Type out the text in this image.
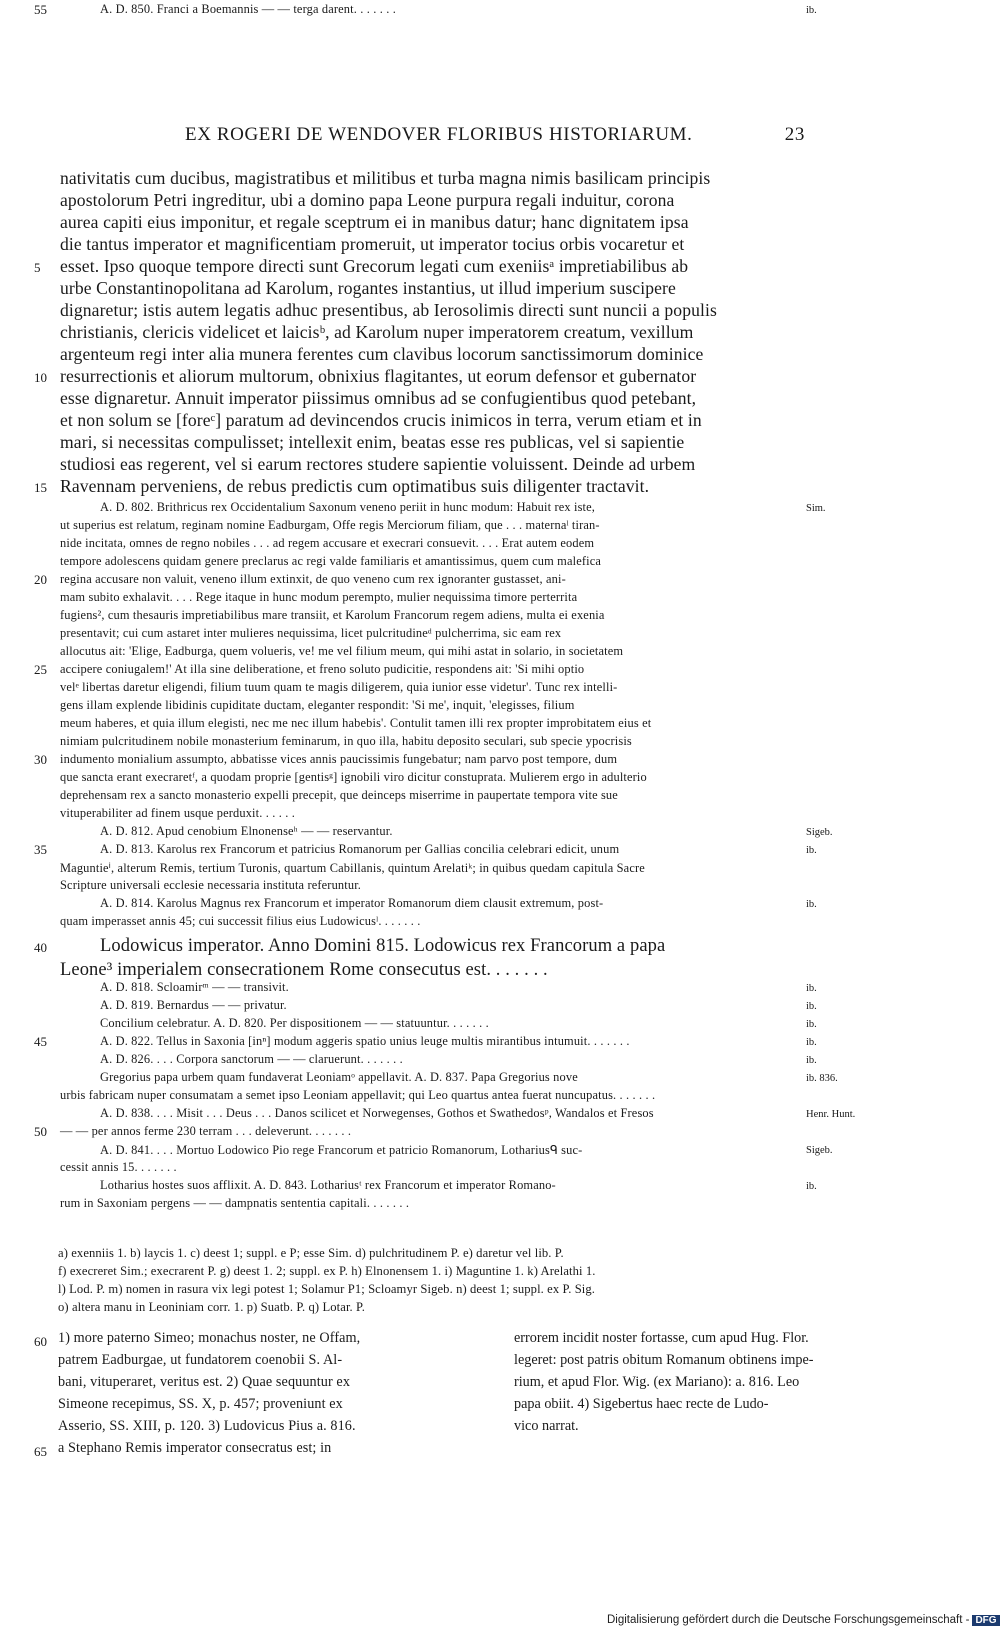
EX ROGERI DE WENDOVER FLORIBUS HISTORIARUM.	23
nativitatis cum ducibus, magistratibus et militibus et turba magna nimis basilicam principis
apostolorum Petri ingreditur, ubi a domino papa Leone purpura regali induitur, corona
aurea capiti eius imponitur, et regale sceptrum ei in manibus datur; hanc dignitatem ipsa
die tantus imperator et magnificentiam promeruit, ut imperator tocius orbis vocaretur et
5	esset. Ipso quoque tempore directi sunt Grecorum legati cum exeniisᵃ impretiabilibus ab
urbe Constantinopolitana ad Karolum, rogantes instantius, ut illud imperium suscipere
dignaretur; istis autem legatis adhuc presentibus, ab Ierosolimis directi sunt nuncii a populis
christianis, clericis videlicet et laicisᵇ, ad Karolum nuper imperatorem creatum, vexillum
argenteum regi inter alia munera ferentes cum clavibus locorum sanctissimorum dominice
10 resurrectionis et aliorum multorum, obnixius flagitantes, ut eorum defensor et gubernator
esse dignaretur. Annuit imperator piissimus omnibus ad se confugientibus quod petebant,
et non solum se [foreᶜ] paratum ad devincendos crucis inimicos in terra, verum etiam et in
mari, si necessitas compulisset; intellexit enim, beatas esse res publicas, vel si sapientie
studiosi eas regerent, vel si earum rectores studere sapientie voluissent. Deinde ad urbem
15 Ravennam perveniens, de rebus predictis cum optimatibus suis diligenter tractavit.
A. D. 802. Brithricus rex Occidentalium Saxonum veneno periit in hunc modum: Habuit rex iste,	Sim.
ut superius est relatum, reginam nomine Eadburgam, Offe regis Merciorum filiam, que . . . maternaˡ tiran-
nide incitata, omnes de regno nobiles . . . ad regem accusare et execrari consuevit. . . . Erat autem eodem
tempore adolescens quidam genere preclarus ac regi valde familiaris et amantissimus, quem cum malefica
20	regina accusare non valuit, veneno illum extinxit, de quo veneno cum rex ignoranter gustasset, ani-
mam subito exhalavit. . . . Rege itaque in hunc modum perempto, mulier nequissima timore perterrita
fugiens², cum thesauris impretiabilibus mare transiit, et Karolum Francorum regem adiens, multa ei exenia
presentavit; cui cum astaret inter mulieres nequissima, licet pulcritudineᵈ pulcherrima, sic eam rex
allocutus ait: 'Elige, Eadburga, quem volueris, ve! me vel filium meum, qui mihi astat in solario, in societatem
25	accipere coniugalem!' At illa sine deliberatione, et freno soluto pudicitie, respondens ait: 'Si mihi optio
velᵉ libertas daretur eligendi, filium tuum quam te magis diligerem, quia iunior esse videtur'. Tunc rex intelli-
gens illam explende libidinis cupiditate ductam, eleganter respondit: 'Si me', inquit, 'elegisses, filium
meum haberes, et quia illum elegisti, nec me nec illum habebis'. Contulit tamen illi rex propter improbitatem eius et
nimiam pulcritudinem nobile monasterium feminarum, in quo illa, habitu deposito seculari, sub specie ypocrisis
30	indumento monialium assumpto, abbatisse vices annis paucissimis fungebatur; nam parvo post tempore, dum
que sancta erant execraretᶠ, a quodam proprie [gentisᵍ] ignobili viro dicitur constuprata. Mulierem ergo in adulterio
deprehensam rex a sancto monasterio expelli precepit, que deinceps miserrime in paupertate tempora vite sue
vituperabiliter ad finem usque perduxit. . . . . .
A. D. 812. Apud cenobium Elnonenseʰ — — reservantur.	Sigeb.
35	A. D. 813. Karolus rex Francorum et patricius Romanorum per Gallias concilia celebrari edicit, unum	ib.
Maguntieⁱ, alterum Remis, tertium Turonis, quartum Cabillanis, quintum Arelatiᵏ; in quibus quedam capitula Sacre
Scripture universali ecclesie necessaria instituta referuntur.
A. D. 814. Karolus Magnus rex Francorum et imperator Romanorum diem clausit extremum, post-	ib.
quam imperasset annis 45; cui successit filius eius Ludowicusˡ. . . . . . .
40	Lodowicus imperator. Anno Domini 815. Lodowicus rex Francorum a papa
Leone³ imperialem consecrationem Rome consecutus est. . . . . . .
A. D. 818. Scloamirᵐ — — transivit.	ib.
A. D. 819. Bernardus — — privatur.	ib.
Concilium celebratur. A. D. 820. Per dispositionem — — statuuntur. . . . . . .	ib.
45	A. D. 822. Tellus in Saxonia [inⁿ] modum aggeris spatio unius leuge multis mirantibus intumuit. . . . . . .	ib.
A. D. 826. . . . Corpora sanctorum — — claruerunt. . . . . . .	ib.
Gregorius papa urbem quam fundaverat Leoniamᵒ appellavit. A. D. 837. Papa Gregorius nove	ib. 836.
urbis fabricam nuper consumatam a semet ipso Leoniam appellavit; qui Leo quartus antea fuerat nuncupatus. . . . . . .
A. D. 838. . . . Misit . . . Deus . . . Danos scilicet et Norwegenses, Gothos et Swathedosᵖ, Wandalos et Fresos	Henr. Hunt.
50	— — per annos ferme 230 terram . . . deleverunt. . . . . . .
A. D. 841. . . . Mortuo Lodowico Pio rege Francorum et patricio Romanorum, Lothariusᑫ suc-	Sigeb.
cessit annis 15. . . . . . .
Lotharius hostes suos afflixit. A. D. 843. Lothariusᵗ rex Francorum et imperator Romano-	ib.
rum in Saxoniam pergens — — dampnatis sententia capitali. . . . . . .
55	A. D. 850. Franci a Boemannis — — terga darent. . . . . . .	ib.
a) exenniis 1. b) laycis 1. c) deest 1; suppl. e P; esse Sim. d) pulchritudinem P. e) daretur vel lib. P.
f) execreret Sim.; execrarent P. g) deest 1. 2; suppl. ex P. h) Elnonensem 1. i) Maguntine 1. k) Arelathi 1.
l) Lod. P. m) nomen in rasura vix legi potest 1; Solamur P1; Scloamyr Sigeb. n) deest 1; suppl. ex P. Sig.
o) altera manu in Leoniniam corr. 1. p) Suatb. P. q) Lotar. P.
60 1) more paterno Simeo; monachus noster, ne Offam,	errorem incidit noster fortasse, cum apud Hug. Flor.
patrem Eadburgae, ut fundatorem coenobii S. Al-	legeret: post patris obitum Romanum obtinens impe-
bani, vituperaret, veritus est. 2) Quae sequuntur ex	rium, et apud Flor. Wig. (ex Mariano): a. 816. Leo
Simeone recepimus, SS. X, p. 457; proveniunt ex	papa obiit. 4) Sigebertus haec recte de Ludo-
Asserio, SS. XIII, p. 120. 3) Ludovicus Pius a. 816.	vico narrat.
65 a Stephano Remis imperator consecratus est; in
Digitalisierung gefördert durch die Deutsche Forschungsgemeinschaft - DFG
